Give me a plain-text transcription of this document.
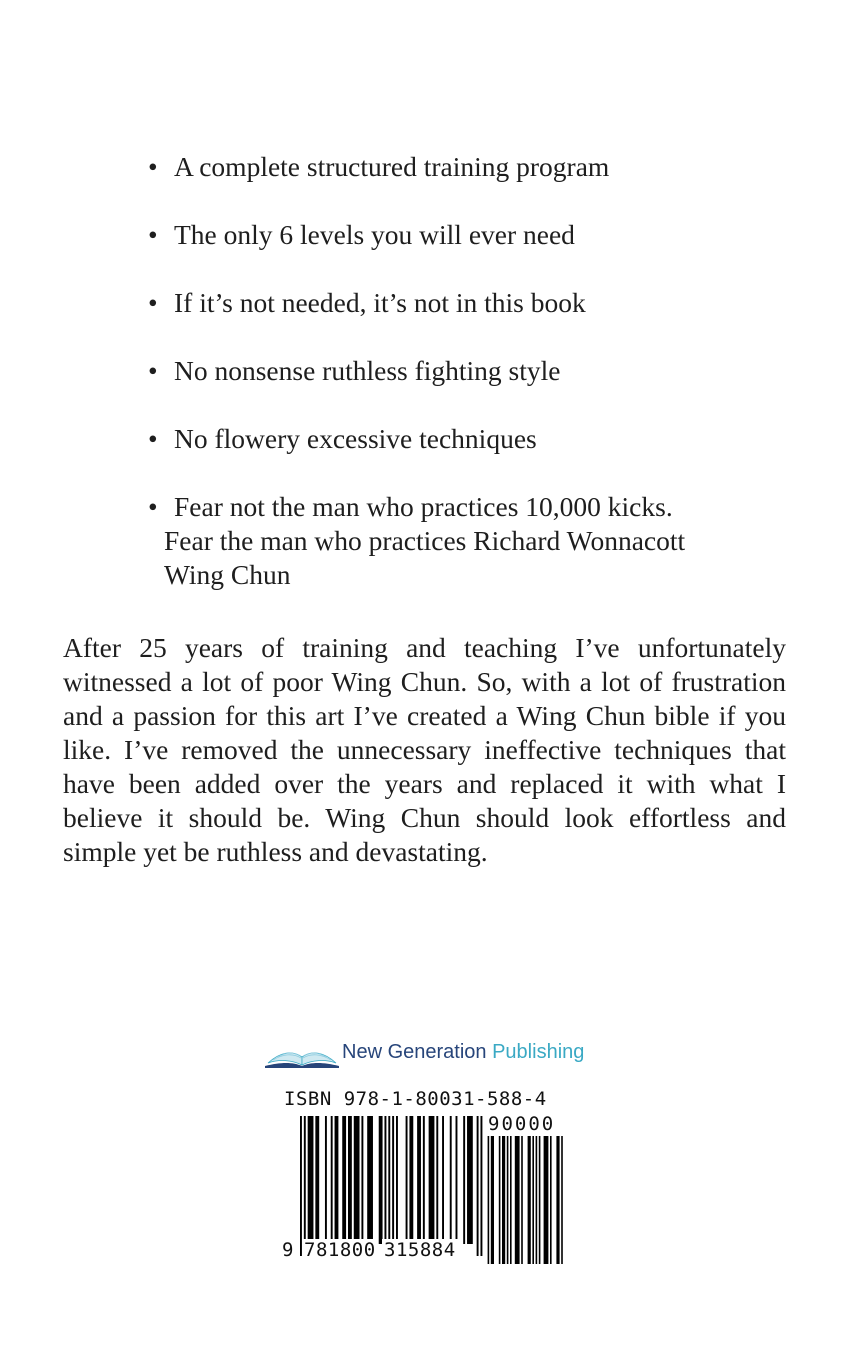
• A complete structured training program
• The only 6 levels you will ever need
• If it’s not needed, it’s not in this book
• No nonsense ruthless fighting style
• No flowery excessive techniques
• Fear not the man who practices 10,000 kicks.
Fear the man who practices Richard Wonnacott
Wing Chun

After 25 years of training and teaching I’ve unfortunately witnessed a lot of poor Wing Chun. So, with a lot of frustration and a passion for this art I’ve created a Wing Chun bible if you like. I’ve removed the unnecessary ineffective techniques that have been added over the years and replaced it with what I believe it should be. Wing Chun should look effortless and simple yet be ruthless and devastating.

New Generation Publishing
ISBN 978-1-80031-588-4
90000
9 781800 315884
